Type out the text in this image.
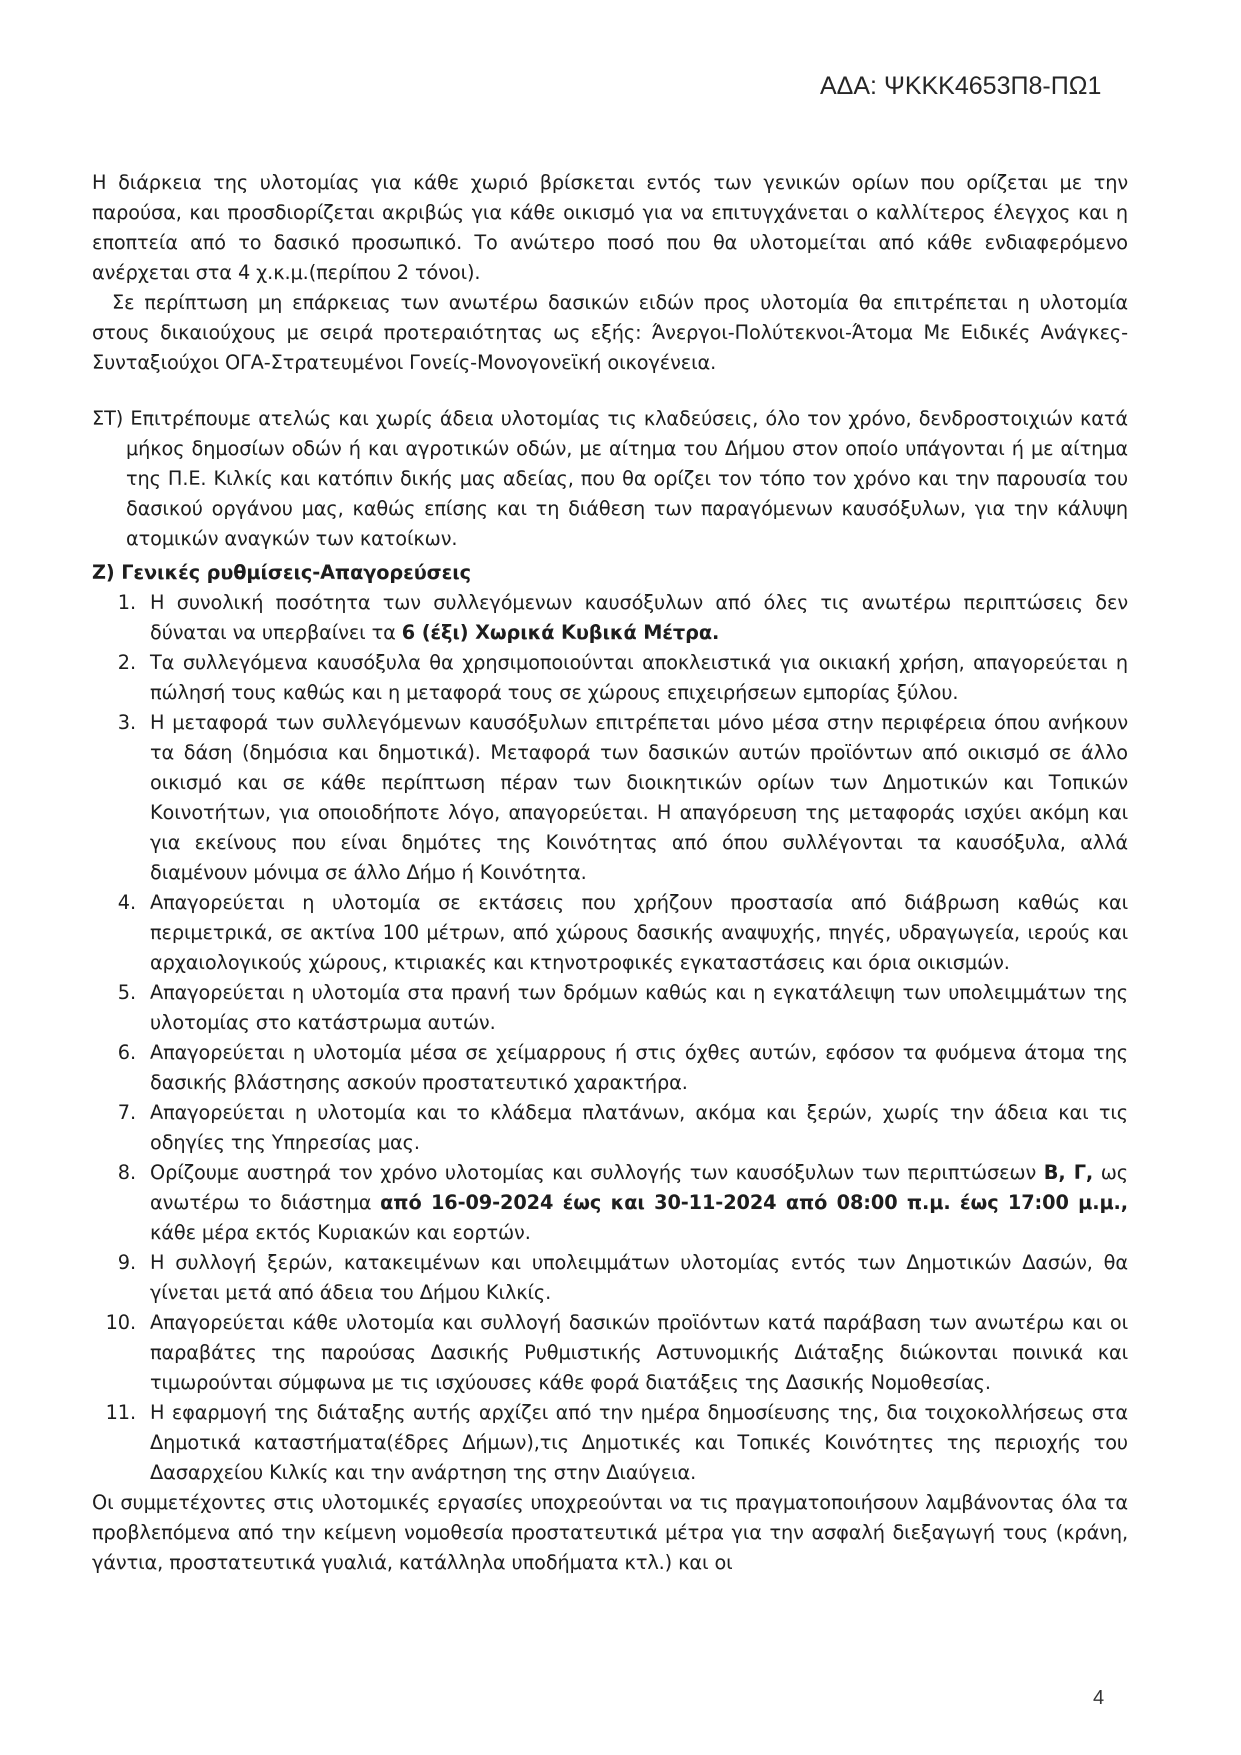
ΑΔΑ: ΨΚΚΚ4653Π8-ΠΩ1

Η διάρκεια της υλοτομίας για κάθε χωριό βρίσκεται εντός των γενικών ορίων που ορίζεται με την παρούσα, και προσδιορίζεται ακριβώς για κάθε οικισμό για να επιτυγχάνεται ο καλλίτερος έλεγχος και η εποπτεία από το δασικό προσωπικό. Το ανώτερο ποσό που θα υλοτομείται από κάθε ενδιαφερόμενο ανέρχεται στα 4 χ.κ.μ.(περίπου 2 τόνοι).

Σε περίπτωση μη επάρκειας των ανωτέρω δασικών ειδών προς υλοτομία θα επιτρέπεται η υλοτομία στους δικαιούχους με σειρά προτεραιότητας ως εξής: Άνεργοι-Πολύτεκνοι-Άτομα Με Ειδικές Ανάγκες-Συνταξιούχοι ΟΓΑ-Στρατευμένοι Γονείς-Μονογονεϊκή οικογένεια.

ΣΤ) Επιτρέπουμε ατελώς και χωρίς άδεια υλοτομίας τις κλαδεύσεις, όλο τον χρόνο, δενδροστοιχιών κατά μήκος δημοσίων οδών ή και αγροτικών οδών, με αίτημα του Δήμου στον οποίο υπάγονται ή με αίτημα της Π.Ε. Κιλκίς και κατόπιν δικής μας αδείας, που θα ορίζει τον τόπο τον χρόνο και την παρουσία του δασικού οργάνου μας, καθώς επίσης και τη διάθεση των παραγόμενων καυσόξυλων, για την κάλυψη ατομικών αναγκών των κατοίκων.

Ζ) Γενικές ρυθμίσεις-Απαγορεύσεις

1. Η συνολική ποσότητα των συλλεγόμενων καυσόξυλων από όλες τις ανωτέρω περιπτώσεις δεν δύναται να υπερβαίνει τα 6 (έξι) Χωρικά Κυβικά Μέτρα.
2. Τα συλλεγόμενα καυσόξυλα θα χρησιμοποιούνται αποκλειστικά για οικιακή χρήση, απαγορεύεται η πώλησή τους καθώς και η μεταφορά τους σε χώρους επιχειρήσεων εμπορίας ξύλου.
3. Η μεταφορά των συλλεγόμενων καυσόξυλων επιτρέπεται μόνο μέσα στην περιφέρεια όπου ανήκουν τα δάση (δημόσια και δημοτικά). Μεταφορά των δασικών αυτών προϊόντων από οικισμό σε άλλο οικισμό και σε κάθε περίπτωση πέραν των διοικητικών ορίων των Δημοτικών και Τοπικών Κοινοτήτων, για οποιοδήποτε λόγο, απαγορεύεται. Η απαγόρευση της μεταφοράς ισχύει ακόμη και για εκείνους που είναι δημότες της Κοινότητας από όπου συλλέγονται τα καυσόξυλα, αλλά διαμένουν μόνιμα σε άλλο Δήμο ή Κοινότητα.
4. Απαγορεύεται η υλοτομία σε εκτάσεις που χρήζουν προστασία από διάβρωση καθώς και περιμετρικά, σε ακτίνα 100 μέτρων, από χώρους δασικής αναψυχής, πηγές, υδραγωγεία, ιερούς και αρχαιολογικούς χώρους, κτιριακές και κτηνοτροφικές εγκαταστάσεις και όρια οικισμών.
5. Απαγορεύεται η υλοτομία στα πρανή των δρόμων καθώς και η εγκατάλειψη των υπολειμμάτων της υλοτομίας στο κατάστρωμα αυτών.
6. Απαγορεύεται η υλοτομία μέσα σε χείμαρρους ή στις όχθες αυτών, εφόσον τα φυόμενα άτομα της δασικής βλάστησης ασκούν προστατευτικό χαρακτήρα.
7. Απαγορεύεται η υλοτομία και το κλάδεμα πλατάνων, ακόμα και ξερών, χωρίς την άδεια και τις οδηγίες της Υπηρεσίας μας.
8. Ορίζουμε αυστηρά τον χρόνο υλοτομίας και συλλογής των καυσόξυλων των περιπτώσεων Β, Γ, ως ανωτέρω το διάστημα από 16-09-2024 έως και 30-11-2024 από 08:00 π.μ. έως 17:00 μ.μ., κάθε μέρα εκτός Κυριακών και εορτών.
9. Η συλλογή ξερών, κατακειμένων και υπολειμμάτων υλοτομίας εντός των Δημοτικών Δασών, θα γίνεται μετά από άδεια του Δήμου Κιλκίς.
10. Απαγορεύεται κάθε υλοτομία και συλλογή δασικών προϊόντων κατά παράβαση των ανωτέρω και οι παραβάτες της παρούσας Δασικής Ρυθμιστικής Αστυνομικής Διάταξης διώκονται ποινικά και τιμωρούνται σύμφωνα με τις ισχύουσες κάθε φορά διατάξεις της Δασικής Νομοθεσίας.
11. Η εφαρμογή της διάταξης αυτής αρχίζει από την ημέρα δημοσίευσης της, δια τοιχοκολλήσεως στα Δημοτικά καταστήματα(έδρες Δήμων),τις Δημοτικές και Τοπικές Κοινότητες της περιοχής του Δασαρχείου Κιλκίς και την ανάρτηση της στην Διαύγεια.

Οι συμμετέχοντες στις υλοτομικές εργασίες υποχρεούνται να τις πραγματοποιήσουν λαμβάνοντας όλα τα προβλεπόμενα από την κείμενη νομοθεσία προστατευτικά μέτρα για την ασφαλή διεξαγωγή τους (κράνη, γάντια, προστατευτικά γυαλιά, κατάλληλα υποδήματα κτλ.) και οι

4
